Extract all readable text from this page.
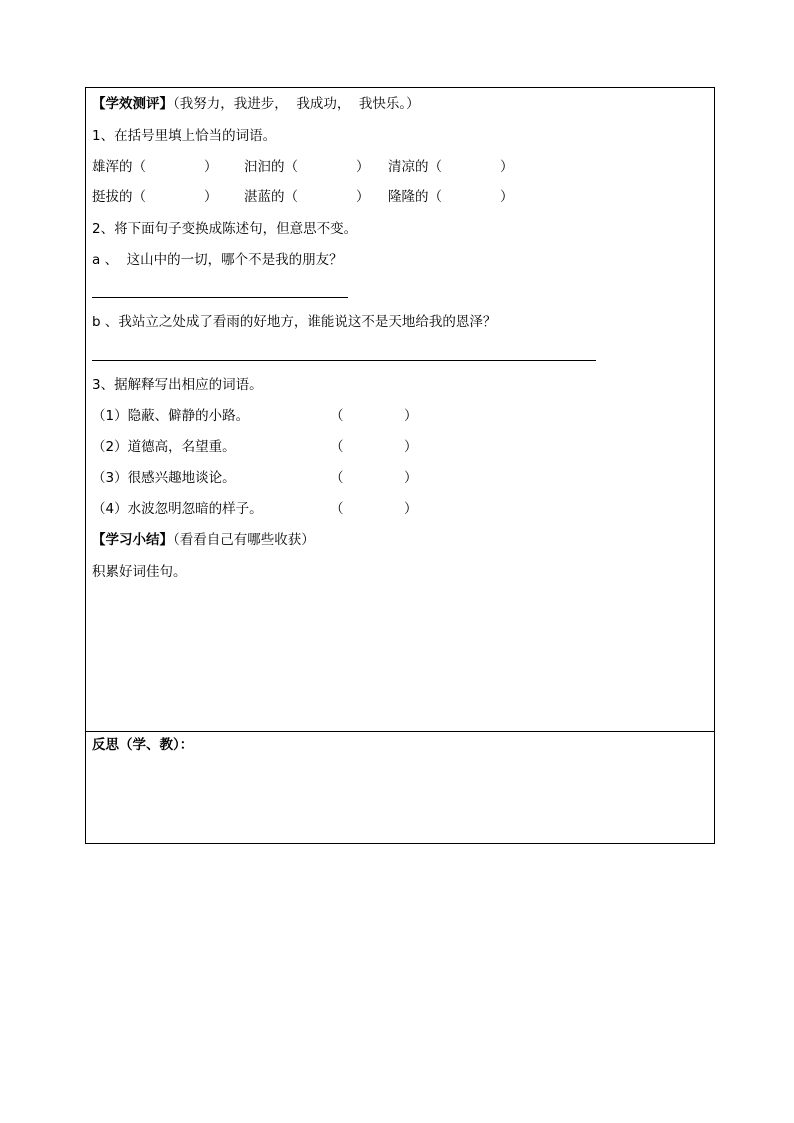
【学效测评】（我努力，我进步，  我成功，  我快乐。）
1、在括号里填上恰当的词语。
雄浑的（	） 汩汩的（	） 清凉的（	）
挺拔的（	） 湛蓝的（	） 隆隆的（	）
2、将下面句子变换成陈述句，但意思不变。
a 、  这山中的一切，哪个不是我的朋友？
b 、我站立之处成了看雨的好地方，谁能说这不是天地给我的恩泽？
3、据解释写出相应的词语。
（1）隐蔽、僻静的小路。	（	）
（2）道德高，名望重。	（	）
（3）很感兴趣地谈论。	（	）
（4）水波忽明忽暗的样子。	（	）
【学习小结】（看看自己有哪些收获）
积累好词佳句。
反思（学、教）：
